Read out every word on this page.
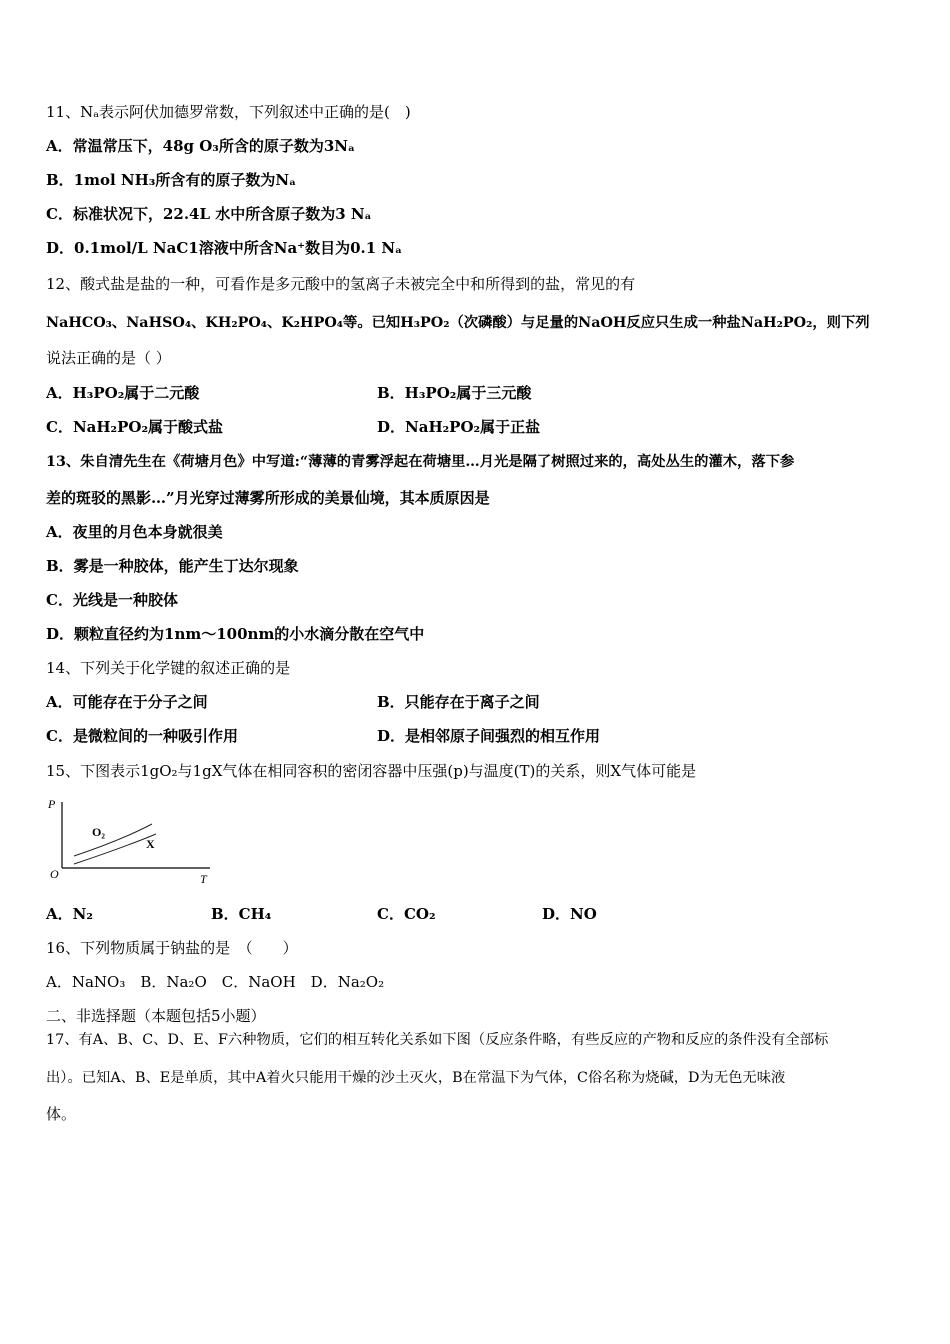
11、Nₐ表示阿伏加德罗常数，下列叙述中正确的是(　)
A．常温常压下，48g O₃所含的原子数为3Nₐ
B．1mol NH₃所含有的原子数为Nₐ
C．标准状况下，22.4L 水中所含原子数为3 Nₐ
D．0.1mol/L NaC1溶液中所含Na⁺数目为0.1 Nₐ
12、酸式盐是盐的一种，可看作是多元酸中的氢离子未被完全中和所得到的盐，常见的有
NaHCO₃、NaHSO₄、KH₂PO₄、K₂HPO₄等。已知H₃PO₂（次磷酸）与足量的NaOH反应只生成一种盐NaH₂PO₂，则下列
说法正确的是（ ）
A．H₃PO₂属于二元酸	B．H₃PO₂属于三元酸
C．NaH₂PO₂属于酸式盐	D．NaH₂PO₂属于正盐
13、朱自清先生在《荷塘月色》中写道:“薄薄的青雾浮起在荷塘里…月光是隔了树照过来的，高处丛生的灌木，落下参
差的斑驳的黑影…”月光穿过薄雾所形成的美景仙境，其本质原因是
A．夜里的月色本身就很美
B．雾是一种胶体，能产生丁达尔现象
C．光线是一种胶体
D．颗粒直径约为1nm～100nm的小水滴分散在空气中
14、下列关于化学键的叙述正确的是
A．可能存在于分子之间	B．只能存在于离子之间
C．是微粒间的一种吸引作用	D．是相邻原子间强烈的相互作用
15、下图表示1gO₂与1gX气体在相同容积的密闭容器中压强(p)与温度(T)的关系，则X气体可能是
P
T
O
O₂
X
A．N₂	B．CH₄	C．CO₂	D．NO
16、下列物质属于钠盐的是　（　　）
A．NaNO₃　B．Na₂O　C．NaOH　D．Na₂O₂
二、非选择题（本题包括5小题）
17、有A、B、C、D、E、F六种物质，它们的相互转化关系如下图（反应条件略，有些反应的产物和反应的条件没有全部标
出）。已知A、B、E是单质，其中A着火只能用干燥的沙土灭火，B在常温下为气体，C俗名称为烧碱，D为无色无味液
体。
